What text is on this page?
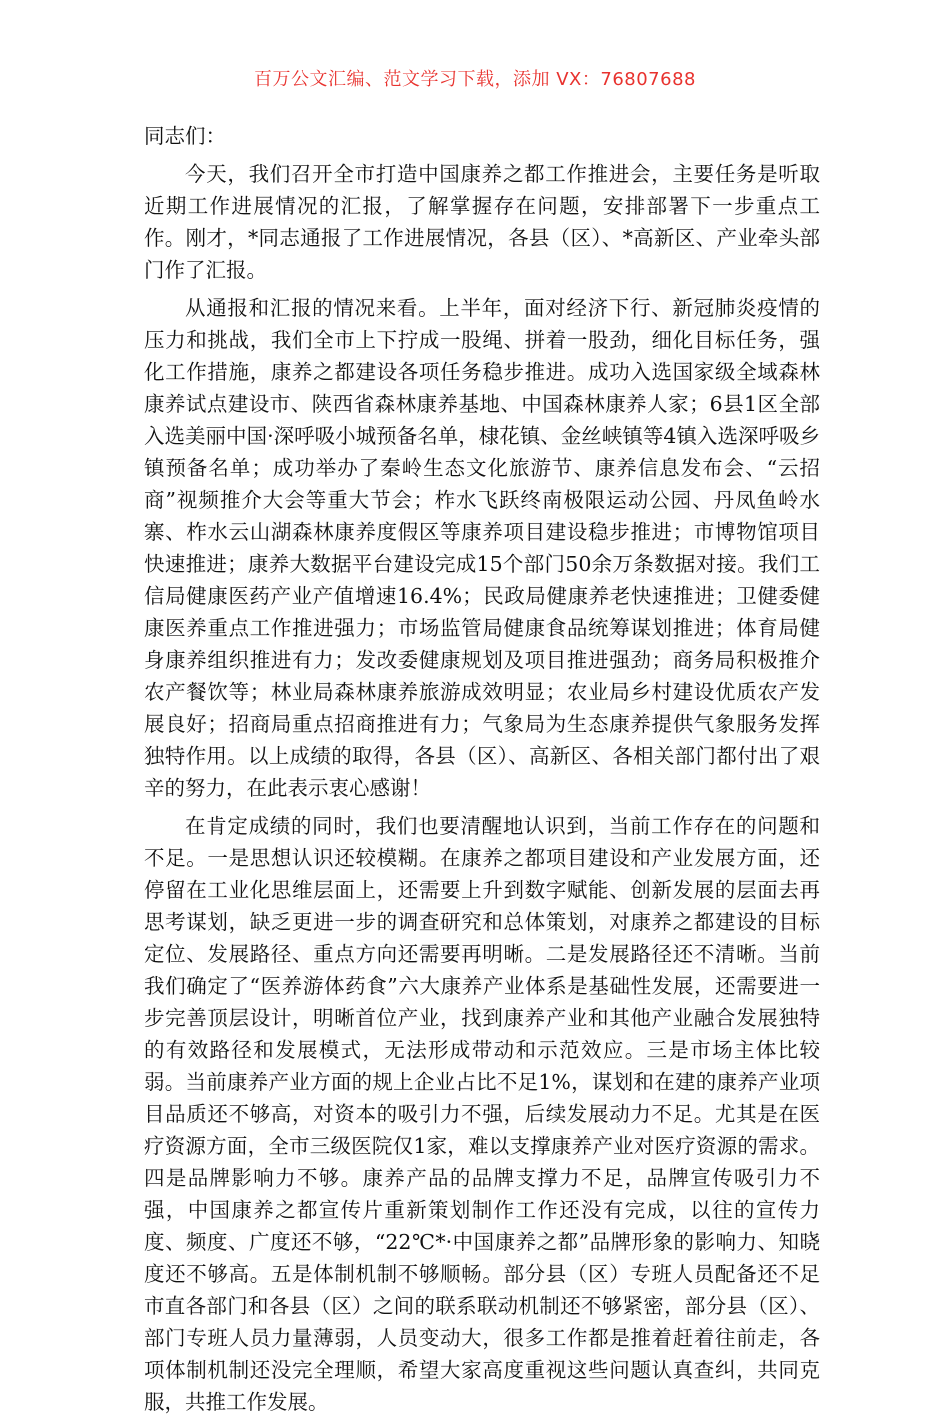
百万公文汇编、范文学习下载，添加 VX：76807688

同志们：

今天，我们召开全市打造中国康养之都工作推进会，主要任务是听取近期工作进展情况的汇报，了解掌握存在问题，安排部署下一步重点工作。刚才，*同志通报了工作进展情况，各县（区）、*高新区、产业牵头部门作了汇报。

从通报和汇报的情况来看。上半年，面对经济下行、新冠肺炎疫情的压力和挑战，我们全市上下拧成一股绳、拼着一股劲，细化目标任务，强化工作措施，康养之都建设各项任务稳步推进。成功入选国家级全域森林康养试点建设市、陕西省森林康养基地、中国森林康养人家；6县1区全部入选美丽中国·深呼吸小城预备名单，棣花镇、金丝峡镇等4镇入选深呼吸乡镇预备名单；成功举办了秦岭生态文化旅游节、康养信息发布会、“云招商”视频推介大会等重大节会；柞水飞跃终南极限运动公园、丹凤鱼岭水寨、柞水云山湖森林康养度假区等康养项目建设稳步推进；市博物馆项目快速推进；康养大数据平台建设完成15个部门50余万条数据对接。我们工信局健康医药产业产值增速16.4%；民政局健康养老快速推进；卫健委健康医养重点工作推进强力；市场监管局健康食品统筹谋划推进；体育局健身康养组织推进有力；发改委健康规划及项目推进强劲；商务局积极推介农产餐饮等；林业局森林康养旅游成效明显；农业局乡村建设优质农产发展良好；招商局重点招商推进有力；气象局为生态康养提供气象服务发挥独特作用。以上成绩的取得，各县（区）、高新区、各相关部门都付出了艰辛的努力，在此表示衷心感谢！

在肯定成绩的同时，我们也要清醒地认识到，当前工作存在的问题和不足。一是思想认识还较模糊。在康养之都项目建设和产业发展方面，还停留在工业化思维层面上，还需要上升到数字赋能、创新发展的层面去再思考谋划，缺乏更进一步的调查研究和总体策划，对康养之都建设的目标定位、发展路径、重点方向还需要再明晰。二是发展路径还不清晰。当前我们确定了“医养游体药食”六大康养产业体系是基础性发展，还需要进一步完善顶层设计，明晰首位产业，找到康养产业和其他产业融合发展独特的有效路径和发展模式，无法形成带动和示范效应。三是市场主体比较弱。当前康养产业方面的规上企业占比不足1%，谋划和在建的康养产业项目品质还不够高，对资本的吸引力不强，后续发展动力不足。尤其是在医疗资源方面，全市三级医院仅1家，难以支撑康养产业对医疗资源的需求。四是品牌影响力不够。康养产品的品牌支撑力不足，品牌宣传吸引力不强，中国康养之都宣传片重新策划制作工作还没有完成，以往的宣传力度、频度、广度还不够，“22℃*·中国康养之都”品牌形象的影响力、知晓度还不够高。五是体制机制不够顺畅。部分县（区）专班人员配备还不足市直各部门和各县（区）之间的联系联动机制还不够紧密，部分县（区）、部门专班人员力量薄弱，人员变动大，很多工作都是推着赶着往前走，各项体制机制还没完全理顺，希望大家高度重视这些问题认真查纠，共同克服，共推工作发展。
